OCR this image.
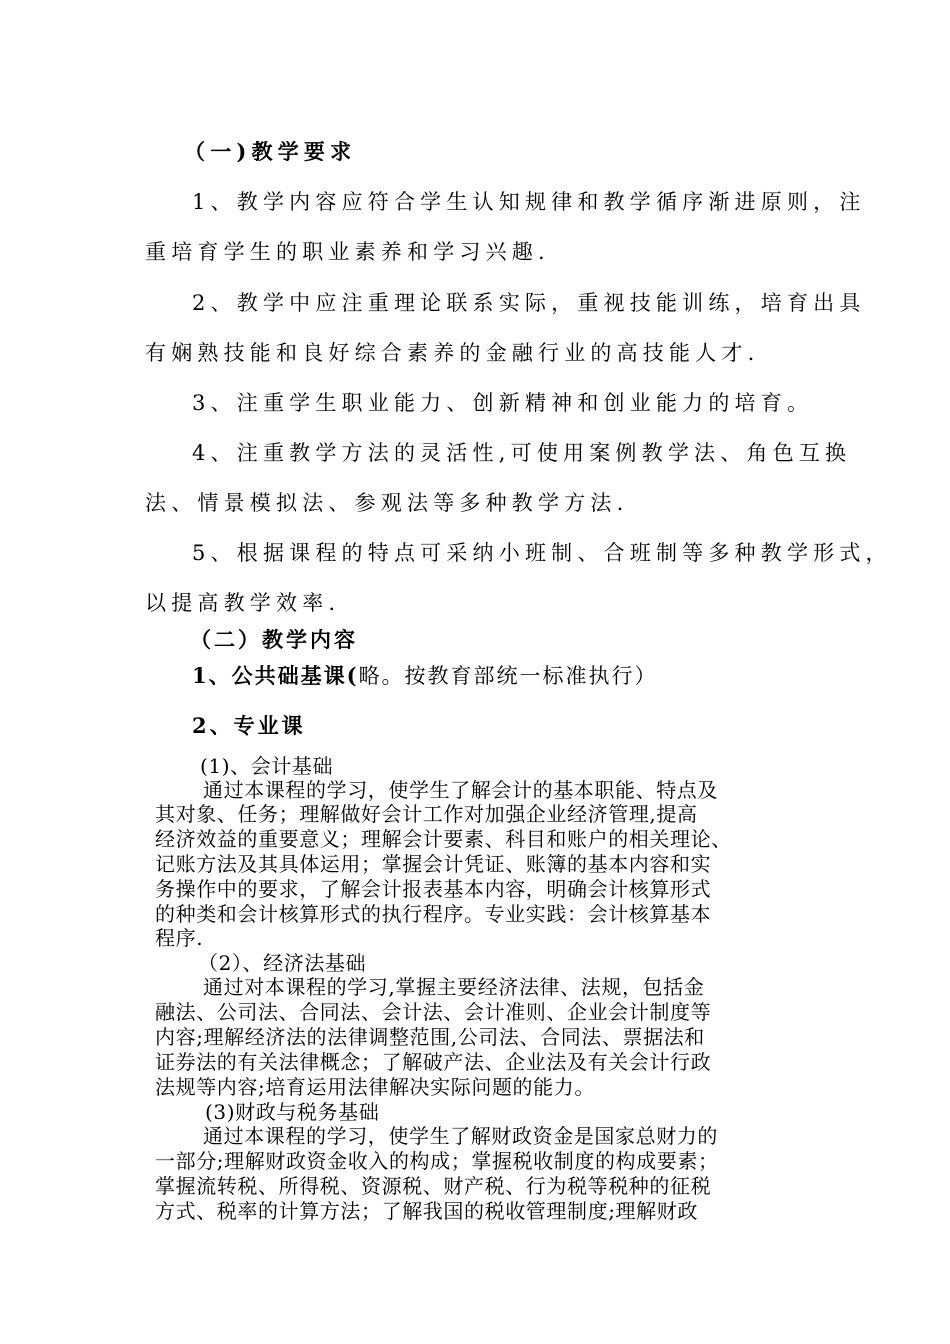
（一)教学要求
1、教学内容应符合学生认知规律和教学循序渐进原则，注
重培育学生的职业素养和学习兴趣.
2、教学中应注重理论联系实际，重视技能训练，培育出具
有娴熟技能和良好综合素养的金融行业的高技能人才.
3、注重学生职业能力、创新精神和创业能力的培育。
4、注重教学方法的灵活性,可使用案例教学法、角色互换
法、情景模拟法、参观法等多种教学方法.
5、根据课程的特点可采纳小班制、合班制等多种教学形式，
以提高教学效率.
（二）教学内容
1、公共础基课(略。按教育部统一标准执行）
2、专业课
(1)、会计基础
通过本课程的学习，使学生了解会计的基本职能、特点及
其对象、任务；理解做好会计工作对加强企业经济管理,提高
经济效益的重要意义；理解会计要素、科目和账户的相关理论、
记账方法及其具体运用；掌握会计凭证、账簿的基本内容和实
务操作中的要求，了解会计报表基本内容，明确会计核算形式
的种类和会计核算形式的执行程序。专业实践：会计核算基本
程序.
（2）、经济法基础
通过对本课程的学习,掌握主要经济法律、法规，包括金
融法、公司法、合同法、会计法、会计准则、企业会计制度等
内容;理解经济法的法律调整范围,公司法、合同法、票据法和
证券法的有关法律概念；了解破产法、企业法及有关会计行政
法规等内容;培育运用法律解决实际问题的能力。
(3)财政与税务基础
通过本课程的学习，使学生了解财政资金是国家总财力的
一部分;理解财政资金收入的构成；掌握税收制度的构成要素；
掌握流转税、所得税、资源税、财产税、行为税等税种的征税
方式、税率的计算方法；了解我国的税收管理制度;理解财政
